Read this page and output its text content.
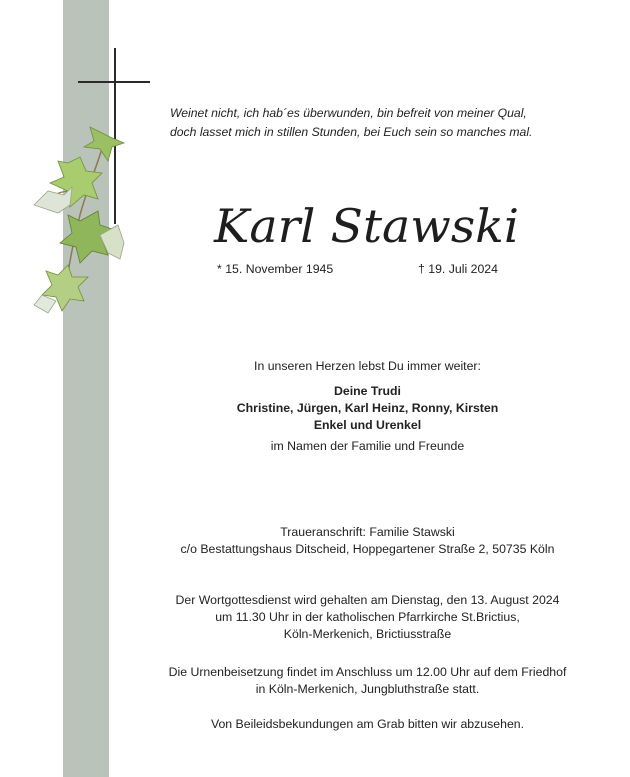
Weinet nicht, ich hab´es überwunden, bin befreit von meiner Qual,
doch lasset mich in stillen Stunden, bei Euch sein so manches mal.
Karl Stawski
* 15. November 1945	† 19. Juli 2024
In unseren Herzen lebst Du immer weiter:
Deine Trudi
Christine, Jürgen, Karl Heinz, Ronny, Kirsten
Enkel und Urenkel
im Namen der Familie und Freunde
Traueranschrift: Familie Stawski
c/o Bestattungshaus Ditscheid, Hoppegartener Straße 2, 50735 Köln
Der Wortgottesdienst wird gehalten am Dienstag, den 13. August 2024
um 11.30 Uhr in der katholischen Pfarrkirche St.Brictius,
Köln-Merkenich, Brictiusstraße
Die Urnenbeisetzung findet im Anschluss um 12.00 Uhr auf dem Friedhof
in Köln-Merkenich, Jungbluthstraße statt.
Von Beileidsbekundungen am Grab bitten wir abzusehen.
